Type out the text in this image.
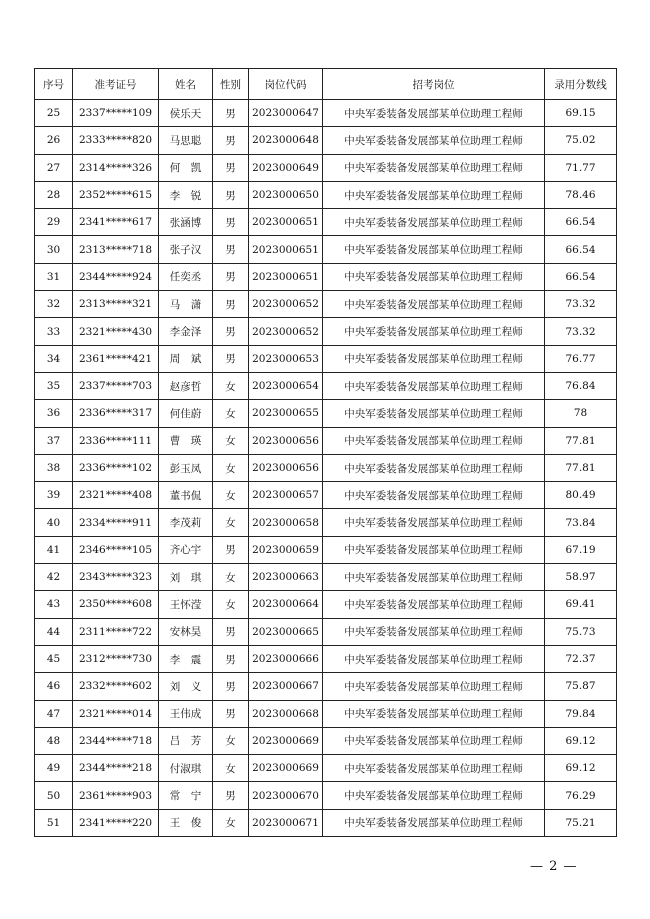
序号	准考证号	姓名	性别	岗位代码	招考岗位	录用分数线
25	2337*****109	侯乐天	男	2023000647	中央军委装备发展部某单位助理工程师	69.15
26	2333*****820	马思聪	男	2023000648	中央军委装备发展部某单位助理工程师	75.02
27	2314*****326	何　凯	男	2023000649	中央军委装备发展部某单位助理工程师	71.77
28	2352*****615	李　锐	男	2023000650	中央军委装备发展部某单位助理工程师	78.46
29	2341*****617	张涵博	男	2023000651	中央军委装备发展部某单位助理工程师	66.54
30	2313*****718	张子汉	男	2023000651	中央军委装备发展部某单位助理工程师	66.54
31	2344*****924	任奕丞	男	2023000651	中央军委装备发展部某单位助理工程师	66.54
32	2313*****321	马　潇	男	2023000652	中央军委装备发展部某单位助理工程师	73.32
33	2321*****430	李金泽	男	2023000652	中央军委装备发展部某单位助理工程师	73.32
34	2361*****421	周　斌	男	2023000653	中央军委装备发展部某单位助理工程师	76.77
35	2337*****703	赵彦哲	女	2023000654	中央军委装备发展部某单位助理工程师	76.84
36	2336*****317	何佳蔚	女	2023000655	中央军委装备发展部某单位助理工程师	78
37	2336*****111	曹　瑛	女	2023000656	中央军委装备发展部某单位助理工程师	77.81
38	2336*****102	彭玉凤	女	2023000656	中央军委装备发展部某单位助理工程师	77.81
39	2321*****408	董书侃	女	2023000657	中央军委装备发展部某单位助理工程师	80.49
40	2334*****911	李茂莉	女	2023000658	中央军委装备发展部某单位助理工程师	73.84
41	2346*****105	齐心宇	男	2023000659	中央军委装备发展部某单位助理工程师	67.19
42	2343*****323	刘　琪	女	2023000663	中央军委装备发展部某单位助理工程师	58.97
43	2350*****608	王怀滢	女	2023000664	中央军委装备发展部某单位助理工程师	69.41
44	2311*****722	安林昊	男	2023000665	中央军委装备发展部某单位助理工程师	75.73
45	2312*****730	李　震	男	2023000666	中央军委装备发展部某单位助理工程师	72.37
46	2332*****602	刘　义	男	2023000667	中央军委装备发展部某单位助理工程师	75.87
47	2321*****014	王伟成	男	2023000668	中央军委装备发展部某单位助理工程师	79.84
48	2344*****718	吕　芳	女	2023000669	中央军委装备发展部某单位助理工程师	69.12
49	2344*****218	付淑琪	女	2023000669	中央军委装备发展部某单位助理工程师	69.12
50	2361*****903	常　宁	男	2023000670	中央军委装备发展部某单位助理工程师	76.29
51	2341*****220	王　俊	女	2023000671	中央军委装备发展部某单位助理工程师	75.21
— 2 —
